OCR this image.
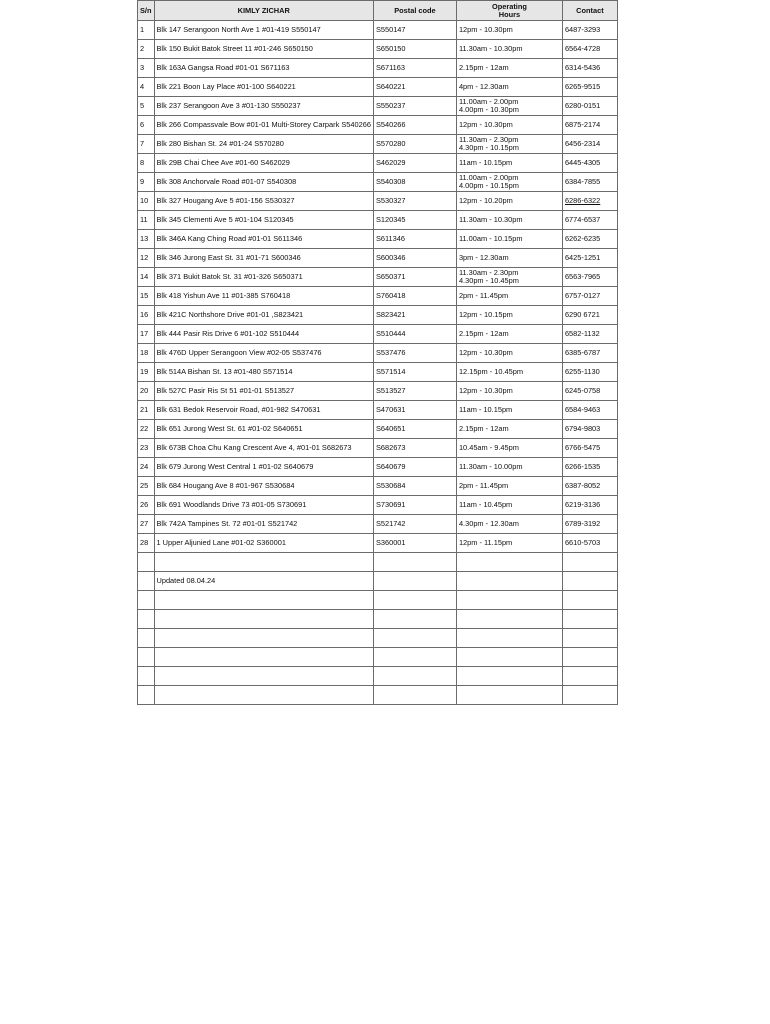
S/n	KIMLY ZICHAR	Postal code	Operating
Hours	Contact
1	Blk 147 Serangoon North Ave 1 #01-419 S550147	S550147	12pm - 10.30pm	6487-3293
2	Blk 150 Bukit Batok Street 11 #01-246 S650150	S650150	11.30am - 10.30pm	6564-4728
3	Blk 163A Gangsa Road #01-01 S671163	S671163	2.15pm - 12am	6314-5436
4	Blk 221 Boon Lay Place #01-100 S640221	S640221	4pm - 12.30am	6265-9515
5	Blk 237 Serangoon Ave 3 #01-130 S550237	S550237	11.00am - 2.00pm
4.00pm - 10.30pm	6280-0151
6	Blk 266 Compassvale Bow #01-01 Multi-Storey Carpark S540266	S540266	12pm - 10.30pm	6875-2174
7	Blk 280 Bishan St. 24 #01-24 S570280	S570280	11.30am - 2.30pm
4.30pm - 10.15pm	6456-2314
8	Blk 29B Chai Chee Ave #01-60 S462029	S462029	11am - 10.15pm	6445-4305
9	Blk 308 Anchorvale Road #01-07 S540308	S540308	11.00am - 2.00pm
4.00pm - 10.15pm	6384-7855
10	Blk 327 Hougang Ave 5 #01-156 S530327	S530327	12pm - 10.20pm	6286-6322
11	Blk 345 Clementi Ave 5 #01-104 S120345	S120345	11.30am - 10.30pm	6774-6537
13	Blk 346A Kang Ching Road #01-01 S611346	S611346	11.00am - 10.15pm	6262-6235
12	Blk 346 Jurong East St. 31 #01-71 S600346	S600346	3pm - 12.30am	6425-1251
14	Blk 371 Bukit Batok St. 31 #01-326 S650371	S650371	11.30am - 2.30pm
4.30pm - 10.45pm	6563-7965
15	Blk 418 Yishun Ave 11 #01-385 S760418	S760418	2pm - 11.45pm	6757-0127
16	Blk 421C Northshore Drive #01-01 ,S823421	S823421	12pm - 10.15pm	6290 6721
17	Blk 444 Pasir Ris Drive 6 #01-102 S510444	S510444	2.15pm - 12am	6582-1132
18	Blk 476D Upper Serangoon View #02-05 S537476	S537476	12pm - 10.30pm	6385-6787
19	Blk 514A Bishan St. 13 #01-480 S571514	S571514	12.15pm - 10.45pm	6255-1130
20	Blk 527C Pasir Ris St 51 #01-01 S513527	S513527	12pm - 10.30pm	6245-0758
21	Blk 631 Bedok Reservoir Road, #01-982 S470631	S470631	11am - 10.15pm	6584-9463
22	Blk 651 Jurong West St. 61 #01-02 S640651	S640651	2.15pm - 12am	6794-9803
23	Blk 673B Choa Chu Kang Crescent Ave 4, #01-01 S682673	S682673	10.45am - 9.45pm	6766-5475
24	Blk 679 Jurong West Central 1 #01-02 S640679	S640679	11.30am - 10.00pm	6266-1535
25	Blk 684 Hougang Ave 8 #01-967 S530684	S530684	2pm - 11.45pm	6387-8052
26	Blk 691 Woodlands Drive 73 #01-05 S730691	S730691	11am - 10.45pm	6219-3136
27	Blk 742A Tampines St. 72 #01-01 S521742	S521742	4.30pm - 12.30am	6789-3192
28	1 Upper Aljunied Lane #01-02 S360001	S360001	12pm - 11.15pm	6610-5703

	Updated 08.04.24			
